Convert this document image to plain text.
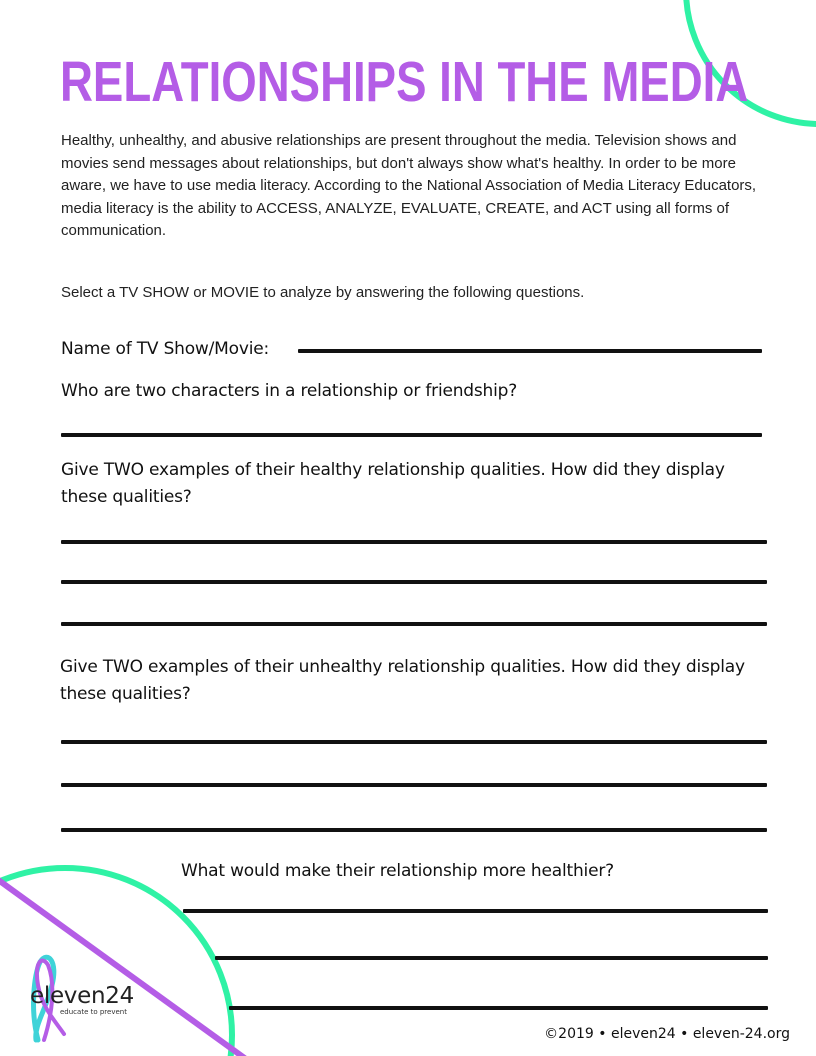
RELATIONSHIPS IN THE MEDIA

Healthy, unhealthy, and abusive relationships are present throughout the media. Television shows and movies send messages about relationships, but don't always show what's healthy. In order to be more aware, we have to use media literacy. According to the National Association of Media Literacy Educators, media literacy is the ability to ACCESS, ANALYZE, EVALUATE, CREATE, and ACT using all forms of communication.

Select a TV SHOW or MOVIE to analyze by answering the following questions.

Name of TV Show/Movie:

Who are two characters in a relationship or friendship?

Give TWO examples of their healthy relationship qualities. How did they display these qualities?

Give TWO examples of their unhealthy relationship qualities. How did they display these qualities?

What would make their relationship more healthier?

eleven24
educate to prevent
©2019 • eleven24 • eleven-24.org
